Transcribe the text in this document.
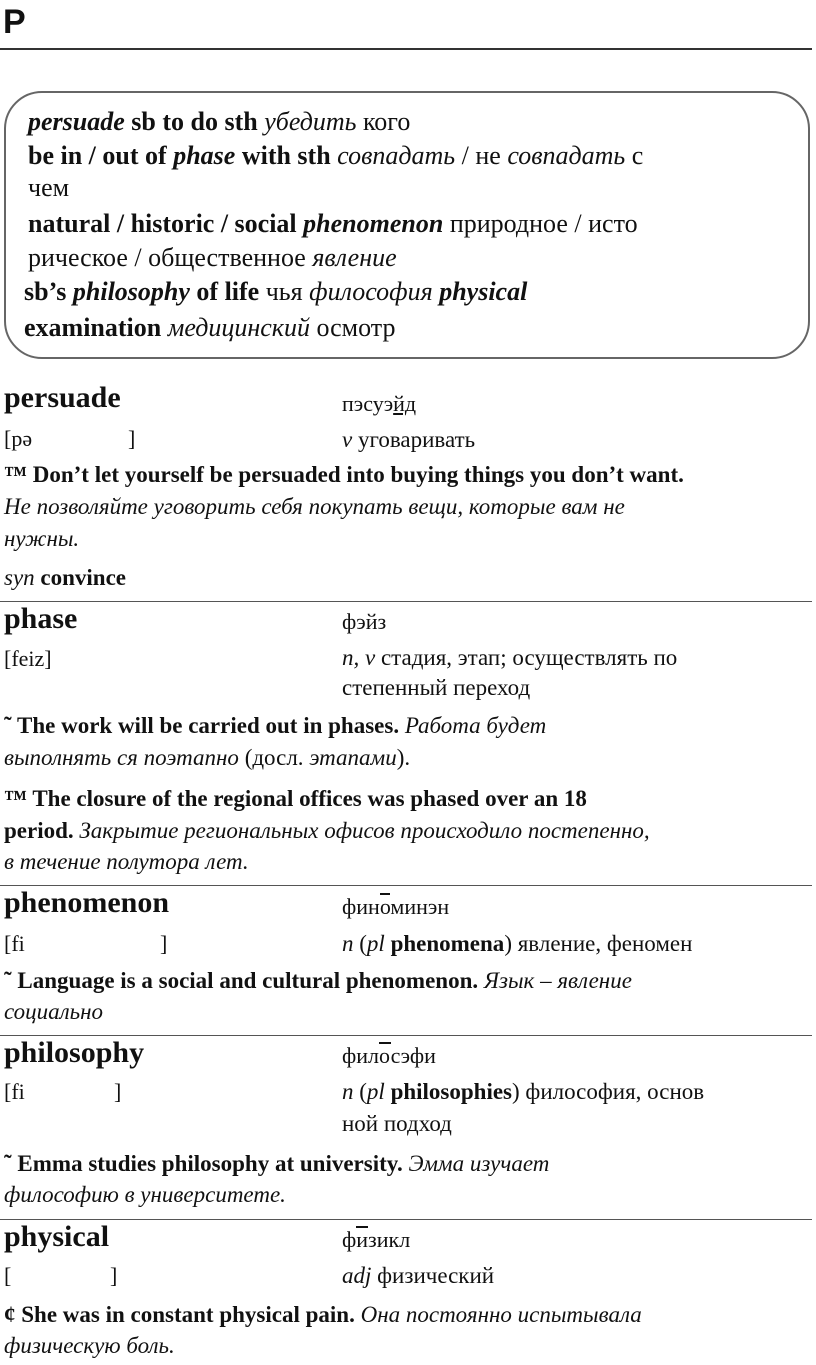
P
persuade sb to do sth убедить кого
be in / out of phase with sth совпадать / не совпадать с
чем
natural / historic / social phenomenon природное / исто
рическое / общественное явление
sb’s philosophy of life чья философия physical
examination медицинский осмотр
persuade	пэсуэйд
[pə	]	v уговаривать
™ Don’t let yourself be persuaded into buying things you don’t want.
Не позволяйте уговорить себя покупать вещи, которые вам не
нужны.
syn convince
phase	фэйз
[feiz]	n, v стадия, этап; осуществлять по
степенный переход
˜ The work will be carried out in phases. Работа будет
выполнять ся поэтапно (досл. этапами).
™ The closure of the regional offices was phased over an 18
period. Закрытие региональных офисов происходило постепенно,
в течение полутора лет.
phenomenon	финоминэн
[fi	]	n (pl phenomena) явление, феномен
˜ Language is a social and cultural phenomenon. Язык – явление
социально
philosophy	филосэфи
[fi	]	n (pl philosophies) философия, основ
ной подход
˜ Emma studies philosophy at university. Эмма изучает
философию в университете.
physical	физикл
[	]	adj физический
¢ She was in constant physical pain. Она постоянно испытывала
физическую боль.
